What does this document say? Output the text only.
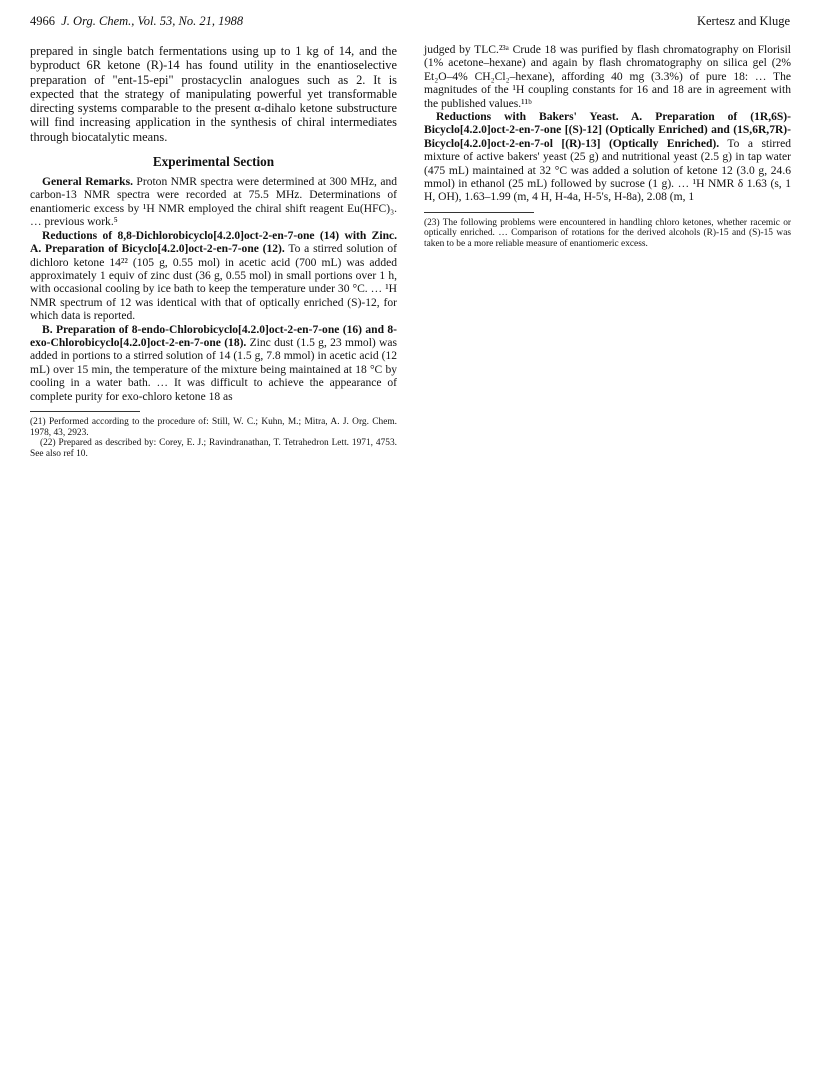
4966 J. Org. Chem., Vol. 53, No. 21, 1988	Kertesz and Kluge

prepared in single batch fermentations using up to 1 kg of 14, and the byproduct 6R ketone (R)-14 has found utility in the enantioselective preparation of "ent-15-epi" prostacyclin analogues such as 2. It is expected that the strategy of manipulating powerful yet transformable directing systems comparable to the present α-dihalo ketone substructure will find increasing application in the synthesis of chiral intermediates through biocatalytic means.

Experimental Section

General Remarks. Proton NMR spectra were determined at 300 MHz, and carbon-13 NMR spectra were recorded at 75.5 MHz. Determinations of enantiomeric excess by ¹H NMR employed the chiral shift reagent Eu(HFC)₃. … previous work.⁵

Reductions of 8,8-Dichlorobicyclo[4.2.0]oct-2-en-7-one (14) with Zinc. A. Preparation of Bicyclo[4.2.0]oct-2-en-7-one (12). To a stirred solution of dichloro ketone 14²² (105 g, 0.55 mol) in acetic acid (700 mL) was added approximately 1 equiv of zinc dust (36 g, 0.55 mol) in small portions over 1 h, with occasional cooling by ice bath to keep the temperature under 30 °C. … ¹H NMR spectrum of 12 was identical with that of optically enriched (S)-12, for which data is reported.

B. Preparation of 8-endo-Chlorobicyclo[4.2.0]oct-2-en-7-one (16) and 8-exo-Chlorobicyclo[4.2.0]oct-2-en-7-one (18). Zinc dust (1.5 g, 23 mmol) was added in portions to a stirred solution of 14 (1.5 g, 7.8 mmol) in acetic acid (12 mL) over 15 min, the temperature of the mixture being maintained at 18 °C by cooling in a water bath. … It was difficult to achieve the appearance of complete purity for exo-chloro ketone 18 as

(21) Performed according to the procedure of: Still, W. C.; Kuhn, M.; Mitra, A. J. Org. Chem. 1978, 43, 2923.

(22) Prepared as described by: Corey, E. J.; Ravindranathan, T. Tetrahedron Lett. 1971, 4753. See also ref 10.

judged by TLC.²³ᵃ Crude 18 was purified by flash chromatography on Florisil (1% acetone–hexane) and again by flash chromatography on silica gel (2% Et₂O–4% CH₂Cl₂–hexane), affording 40 mg (3.3%) of pure 18: … The magnitudes of the ¹H coupling constants for 16 and 18 are in agreement with the published values.¹¹ᵇ

Reductions with Bakers' Yeast. A. Preparation of (1R,6S)-Bicyclo[4.2.0]oct-2-en-7-one [(S)-12] (Optically Enriched) and (1S,6R,7R)-Bicyclo[4.2.0]oct-2-en-7-ol [(R)-13] (Optically Enriched). To a stirred mixture of active bakers' yeast (25 g) and nutritional yeast (2.5 g) in tap water (475 mL) maintained at 32 °C was added a solution of ketone 12 (3.0 g, 24.6 mmol) in ethanol (25 mL) followed by sucrose (1 g). … ¹H NMR δ 1.63 (s, 1 H, OH), 1.63–1.99 (m, 4 H, H-4a, H-5's, H-8a), 2.08 (m, 1

(23) The following problems were encountered in handling chloro ketones, whether racemic or optically enriched. … Comparison of rotations for the derived alcohols (R)-15 and (S)-15 was taken to be a more reliable measure of enantiomeric excess.
